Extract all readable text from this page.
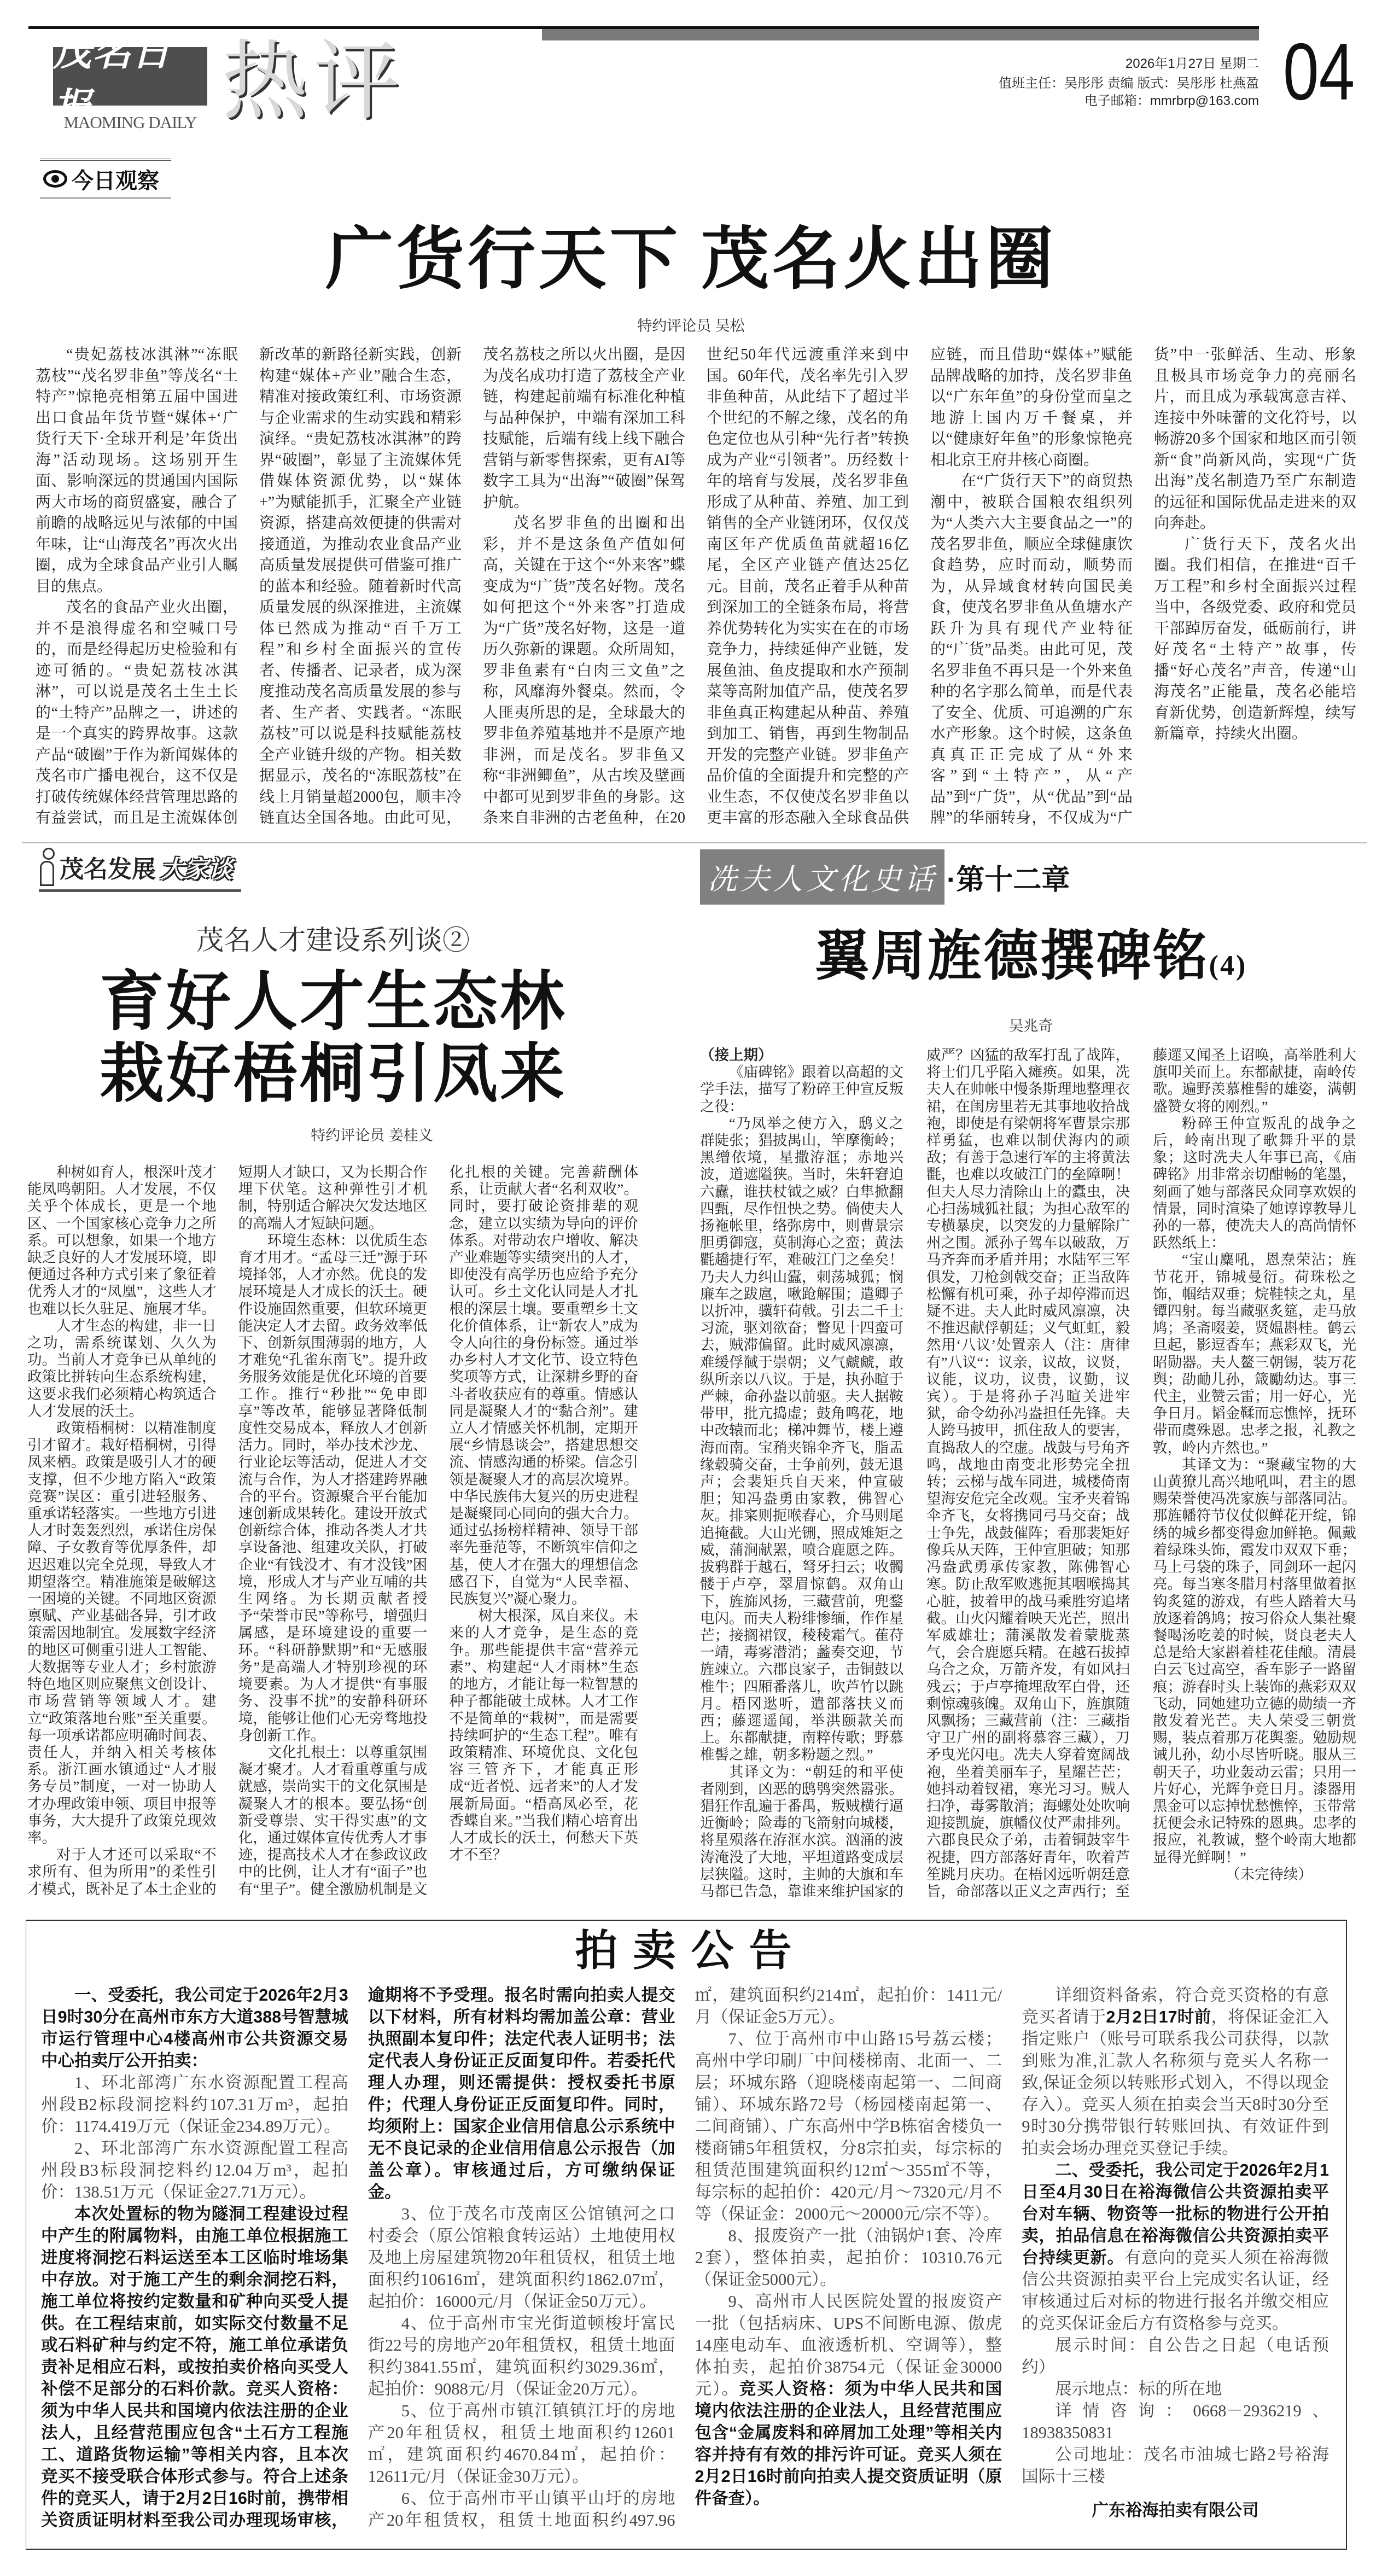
茂名日报
MAOMING DAILY 热评	2026年1月27日 星期二
值班主任：吴彤彤 责编 版式：吴彤彤 杜燕盈
电子邮箱：mmrbrp@163.com 04
今日观察
广货行天下 茂名火出圈
特约评论员 吴松

“贵妃荔枝冰淇淋”“冻眠荔枝”“茂名罗非鱼”等茂名“土特产”惊艳亮相第五届中国进出口食品年货节暨“媒体+‘广货行天下·全球开利是’年货出海”活动现场。这场别开生面、影响深远的贯通国内国际两大市场的商贸盛宴，融合了前瞻的战略远见与浓郁的中国年味，让“山海茂名”再次火出圈，成为全球食品产业引人瞩目的焦点。

茂名的食品产业火出圈，并不是浪得虚名和空喊口号的，而是经得起历史检验和有迹可循的。“贵妃荔枝冰淇淋”，可以说是茂名土生土长的“土特产”品牌之一，讲述的是一个真实的跨界故事。这款产品“破圈”于作为新闻媒体的茂名市广播电视台，这不仅是打破传统媒体经营管理思路的有益尝试，而且是主流媒体创新改革的新路径新实践，创新构建“媒体+产业”融合生态，精准对接政策红利、市场资源与企业需求的生动实践和精彩演绎。“贵妃荔枝冰淇淋”的跨界“破圈”，彰显了主流媒体凭借媒体资源优势，以“媒体+”为赋能抓手，汇聚全产业链资源，搭建高效便捷的供需对接通道，为推动农业食品产业高质量发展提供可借鉴可推广的蓝本和经验。随着新时代高质量发展的纵深推进，主流媒体已然成为推动“百千万工程”和乡村全面振兴的宣传者、传播者、记录者，成为深度推动茂名高质量发展的参与者、生产者、实践者。“冻眠荔枝”可以说是科技赋能荔枝全产业链升级的产物。相关数据显示，茂名的“冻眠荔枝”在线上月销量超2000包，顺丰冷链直达全国各地。由此可见，茂名荔枝之所以火出圈，是因为茂名成功打造了荔枝全产业链，构建起前端有标准化种植与品种保护，中端有深加工科技赋能，后端有线上线下融合营销与新零售探索，更有AI等数字工具为“出海”“破圈”保驾护航。

茂名罗非鱼的出圈和出彩，并不是这条鱼产值如何高，关键在于这个“外来客”蝶变成为“广货”茂名好物。茂名如何把这个“外来客”打造成为“广货”茂名好物，这是一道历久弥新的课题。众所周知，罗非鱼素有“白肉三文鱼”之称，风靡海外餐桌。然而，令人匪夷所思的是，全球最大的罗非鱼养殖基地并不是原产地非洲，而是茂名。罗非鱼又称“非洲鲫鱼”，从古埃及壁画中都可见到罗非鱼的身影。这条来自非洲的古老鱼种，在20世纪50年代远渡重洋来到中国。60年代，茂名率先引入罗非鱼种苗，从此结下了超过半个世纪的不解之缘，茂名的角色定位也从引种“先行者”转换成为产业“引领者”。历经数十年的培育与发展，茂名罗非鱼形成了从种苗、养殖、加工到销售的全产业链闭环，仅仅茂南区年产优质鱼苗就超16亿尾，全区产业链产值达25亿元。目前，茂名正着手从种苗到深加工的全链条布局，将营养优势转化为实实在在的市场竞争力，持续延伸产业链，发展鱼油、鱼皮提取和水产预制菜等高附加值产品，使茂名罗非鱼真正构建起从种苗、养殖到加工、销售，再到生物制品开发的完整产业链。罗非鱼产品价值的全面提升和完整的产业生态，不仅使茂名罗非鱼以更丰富的形态融入全球食品供应链，而且借助“媒体+”赋能品牌战略的加持，茂名罗非鱼以“广东年鱼”的身份堂而皇之地游上国内万千餐桌，并以“健康好年鱼”的形象惊艳亮相北京王府井核心商圈。

在“广货行天下”的商贸热潮中，被联合国粮农组织列为“人类六大主要食品之一”的茂名罗非鱼，顺应全球健康饮食趋势，应时而动，顺势而为，从异域食材转向国民美食，使茂名罗非鱼从鱼塘水产跃升为具有现代产业特征的“广货”品类。由此可见，茂名罗非鱼不再只是一个外来鱼种的名字那么简单，而是代表了安全、优质、可追溯的广东水产形象。这个时候，这条鱼真真正正完成了从“外来客”到“土特产”，从“产品”到“广货”，从“优品”到“品牌”的华丽转身，不仅成为“广货”中一张鲜活、生动、形象且极具市场竞争力的亮丽名片，而且成为承载寓意吉祥、连接中外味蕾的文化符号，以畅游20多个国家和地区而引领新“食”尚新风尚，实现“广货出海”茂名制造乃至广东制造的远征和国际优品走进来的双向奔赴。

广货行天下，茂名火出圈。我们相信，在推进“百千万工程”和乡村全面振兴过程当中，各级党委、政府和党员干部踔厉奋发，砥砺前行，讲好茂名“土特产”故事，传播“好心茂名”声音，传递“山海茂名”正能量，茂名必能培育新优势，创造新辉煌，续写新篇章，持续火出圈。

茂名发展 大家谈
茂名人才建设系列谈②
育好人才生态林
栽好梧桐引凤来
特约评论员 姜桂义

种树如育人，根深叶茂才能凤鸣朝阳。人才发展，不仅关乎个体成长，更是一个地区、一个国家核心竞争力之所系。可以想象，如果一个地方缺乏良好的人才发展环境，即便通过各种方式引来了象征着优秀人才的“凤凰”，这些人才也难以长久驻足、施展才华。

人才生态的构建，非一日之功，需系统谋划、久久为功。当前人才竞争已从单纯的政策比拼转向生态系统构建，这要求我们必须精心构筑适合人才发展的沃土。

政策梧桐树：以精准制度引才留才。栽好梧桐树，引得凤来栖。政策是吸引人才的硬支撑，但不少地方陷入“政策竞赛”误区：重引进轻服务、重承诺轻落实。一些地方引进人才时轰轰烈烈，承诺住房保障、子女教育等优厚条件，却迟迟难以完全兑现，导致人才期望落空。精准施策是破解这一困境的关键。不同地区资源禀赋、产业基础各异，引才政策需因地制宜。发展数字经济的地区可侧重引进人工智能、大数据等专业人才；乡村旅游特色地区则应聚焦文创设计、市场营销等领域人才。建立“政策落地台账”至关重要。每一项承诺都应明确时间表、责任人，并纳入相关考核体系。浙江画水镇通过“人才服务专员”制度，一对一协助人才办理政策申领、项目申报等事务，大大提升了政策兑现效率。

对于人才还可以采取“不求所有、但为所用”的柔性引才模式，既补足了本土企业的短期人才缺口，又为长期合作埋下伏笔。这种弹性引才机制，特别适合解决欠发达地区的高端人才短缺问题。

环境生态林：以优质生态育才用才。“孟母三迁”源于环境择邻，人才亦然。优良的发展环境是人才成长的沃土。硬件设施固然重要，但软环境更能决定人才去留。政务效率低下、创新氛围薄弱的地方，人才难免“孔雀东南飞”。提升政务服务效能是优化环境的首要工作。推行“秒批”“免申即享”等改革，能够显著降低制度性交易成本，释放人才创新活力。同时，举办技术沙龙、行业论坛等活动，促进人才交流与合作，为人才搭建跨界融合的平台。资源聚合平台能加速创新成果转化。建设开放式创新综合体，推动各类人才共享设备池、组建攻关队，打破企业“有钱没才、有才没钱”困境，形成人才与产业互哺的共生网络。为长期贡献者授予“荣誉市民”等称号，增强归属感，是环境建设的重要一环。“科研静默期”和“无感服务”是高端人才特别珍视的环境要素。为人才提供“有事服务、没事不扰”的安静科研环境，能够让他们心无旁骛地投身创新工作。

文化扎根土：以尊重氛围凝才聚才。人才看重尊重与成就感，崇尚实干的文化氛围是凝聚人才的根本。要弘扬“创新受尊崇、实干得实惠”的文化，通过媒体宣传优秀人才事迹，提高技术人才在参政议政中的比例，让人才有“面子”也有“里子”。健全激励机制是文化扎根的关键。完善薪酬体系，让贡献大者“名利双收”。同时，要打破论资排辈的观念，建立以实绩为导向的评价体系。对带动农户增收、解决产业难题等实绩突出的人才，即使没有高学历也应给予充分认可。乡土文化认同是人才扎根的深层土壤。要重塑乡土文化价值体系，让“新农人”成为令人向往的身份标签。通过举办乡村人才文化节、设立特色奖项等方式，让深耕乡野的奋斗者收获应有的尊重。情感认同是凝聚人才的“黏合剂”。建立人才情感关怀机制，定期开展“乡情恳谈会”，搭建思想交流、情感沟通的桥梁。信念引领是凝聚人才的高层次境界。中华民族伟大复兴的历史进程是凝聚同心同向的强大合力。通过弘扬榜样精神、领导干部率先垂范等，不断筑牢信仰之基，使人才在强大的理想信念感召下，自觉为“人民幸福、民族复兴”凝心聚力。

树大根深，凤自来仪。未来的人才竞争，是生态的竞争。那些能提供丰富“营养元素”、构建起“人才雨林”生态的地方，才能让每一粒智慧的种子都能破土成林。人才工作不是简单的“栽树”，而是需要持续呵护的“生态工程”。唯有政策精准、环境优良、文化包容三管齐下，才能真正形成“近者悦、远者来”的人才发展新局面。“梧高凤必至，花香蝶自来。”当我们精心培育出人才成长的沃土，何愁天下英才不至？

冼夫人文化史话 ·第十二章
翼周旌德撰碑铭(4)
吴兆奇

（接上期）

《庙碑铭》跟着以高超的文学手法，描写了粉碎王仲宣反叛之役：

“乃凤举之使方入，鸱义之群陡张；猖披禺山，竿摩衡岭；黑缯依境，星撒洊洭；赤地兴波，道遮隘狭。当时，朱轩窘迫六纛，谁扶杖钺之威？白隼掀翻四甄，尽作忸怏之势。倘使夫人扬袘帐里，络弥房中，则曹景宗胆勇御寇，莫制海心之蛮；黄法氍趫捷行军，难破江门之垒矣！乃夫人力纠山蠹，刺荡城狐；悯廉车之跋扈，啾跄解围；遣卿子以折冲，骥轩荷戟。引去二千士习流，驱刘欲奋；瞥见十四蛮可去，贼滞偏留。此时威风凛凛，难缓俘馘于崇朝；义气虤虤，敢纵所亲以八议。于是，执孙暄于严棘，命孙盎以前驱。夫人据鞍带甲，批亢捣虚；鼓角鸣花，地中改辕而北；梯冲舞节，楼上遵海而南。宝矟夹锦伞齐飞，脂盂缘毂骑交奋，士争前列，鼓无退声；会裴矩兵自天来，仲宣破胆；知冯盎勇由家教，佛智心灰。排寀则扼喉舂心，介马则尾追掩截。大山光铏，照成雉矩之威，蒲涧献罴，喷合鹿愿之阵。拔鸦群于越石，弩牙扫云；收髑髅于卢亭，翠眉惊鹤。双角山下，旌旆风扬，三藏营前，兜鍪电闪。而夫人粉绯惨缅，作作星芒；接搁裙钗，稜稜霜气。萑苻一靖，毒雾潜消；蠡奏交迎，节旌竦立。六郡良家子，击铜鼓以椎牛；四厢番落儿，吹芦竹以跳月。梧冈逖听，遣部落扶义而西；藤遝遥闻，举洪颐款关而上。东都献捷，南粹传歌；野慕椎髻之雄，朝多粉题之烈。”

其译文为：“朝廷的和平使者刚到，凶恶的鸱鸮突然嚣张。猖狂作乱遍于番禺，叛贼横行逼近衡岭；险毒的飞箭射向城楼，将星殒落在洊洭水滨。汹涌的波涛淹没了大地，平坦道路变成层层狭隘。这时，主帅的大旗和车马都已告急，靠谁来维护国家的威严？凶猛的敌军打乱了战阵，将士们几乎陷入瘫痪。如果，冼夫人在帅帐中慢条斯理地整理衣裙，在闺房里若无其事地收拾战袍，即使是有梁朝将军曹景宗那样勇猛，也难以制伏海内的顽敌；有善于急速行军的主将黄法氍，也难以攻破江门的垒障啊！但夫人尽力清除山上的蠹虫，决心扫荡城狐社鼠；为担心敌军的专横暴戾，以突发的力量解除广州之围。派孙子驾车以破敌，万马齐奔而矛盾并用；水陆军三军俱发，刀枪剑戟交奋；正当敌阵松懈有机可乘，孙子却停滞而迟疑不进。夫人此时威风凛凛，决不推迟献俘朝廷；义气虹虹，毅然用‘八议’处置亲人（注：唐律有”八议“：议亲，议故，议贤，议能，议功，议贵，议勤，议宾）。于是将孙子冯暄关进牢狱，命令幼孙冯盎担任先锋。夫人跨马披甲，抓住敌人的要害，直捣敌人的空虚。战鼓与号角齐鸣，战地由南变北形势完全扭转；云梯与战车同进，城楼倚南望海安危完全改观。宝矛夹着锦伞齐飞，女将携同弓马交奋；战士争先，战鼓催阵；看那裴矩好像兵从天阵，王仲宣胆破；知那冯盎武勇承传家教，陈佛智心寒。防止敌军败逃扼其咽喉捣其心脏，披着甲的战马乘胜穷追堵截。山火闪耀着映天光芒，照出军威雄壮；蒲溪散发着蒙胧蒸气，会合鹿愿兵精。在越石拔掉乌合之众，万箭齐发，有如风扫残云；于卢亭掩埋敌军白骨，还剩惊魂骇魄。双角山下，旌旗随风飘扬；三藏营前（注：三藏指守卫广州的副将慕容三藏），刀矛曳光闪电。冼夫人穿着宽阔战袍，坐着美丽车子，星耀芒芒；她抖动着钗裙，寒光习习。贼人扫净，毒雾散消；海螺处处吹响迎接凯旋，旗幡仪仗严肃排列。六郡良民众子弟，击着铜鼓宰牛祝捷，四方部落好青年，吹着芦笙跳月庆功。在梧冈远听朝廷意旨，命部落以正义之声西行；至藤遝又闻圣上诏唤，高举胜利大旗叩关而上。东都献捷，南岭传歌。遍野羡慕椎髻的雄姿，满朝盛赞女将的刚烈。”

粉碎王仲宣叛乱的战争之后，岭南出现了歌舞升平的景象；这时冼夫人年事已高，《庙碑铭》用非常亲切酣畅的笔墨，刻画了她与部落民众同享欢娱的情景，同时渲染了她谆谆教导儿孙的一幕，使冼夫人的高尚情怀跃然纸上：

“宝山麋吼，恩焘荣沾；旌节花开，锦城曼衍。荷珠松之饰，帼结双垂；烷鞋犊之丸，星镡四射。每当藏驱炙筵，走马放鸠；圣斋啜姜，贤媪斟桂。鹤云旦起，影逗香车；燕彩双飞，光昭勋器。夫人鳌三朝锡，装万花舆；劭勔儿孙，箴勵幼达。事三代主，业赞云雷；用一好心，光争日月。韬金鞣而忘憔悴，抚环带而虞殊恩。忠孝之报，礼教之敦，岭内卉然也。”

其译文为：“聚藏宝物的大山黄獠儿高兴地吼叫，君主的恩赐荣誉使冯冼家族与部落同沾。那旌幡符节仪仗似鲜花开绽，锦绣的城乡都变得愈加鲜艳。佩戴着绿珠头饰，霞发巾双双下垂；马上弓袋的珠子，同剑环一起闪亮。每当寒冬腊月村落里做着抠钩炙筵的游戏，有些人踏着大马放逐着鸽鸠；按习俗众人集社聚餐喝汤吃姜的时候，贤良老夫人总是给大家斟着桂花佳酿。清晨白云飞过高空，香车影子一路留痕；游春时头上装饰的燕彩双双飞动，同她建功立德的勋绩一齐散发着光芒。夫人荣受三朝赏赐，装点着那万花舆銮。勉励规诫儿孙，幼小尽皆听晓。服从三朝天子，功业轰动云雷；只用一片好心，光辉争竞日月。漆器用黑金可以忘掉忧愁憔悴，玉带常抚便会永记特殊的恩典。忠孝的报应，礼教诚，整个岭南大地都显得光鲜啊！”

（未完待续）

拍卖公告

一、受委托，我公司定于2026年2月3日9时30分在高州市东方大道388号智慧城市运行管理中心4楼高州市公共资源交易中心拍卖厅公开拍卖：

1、环北部湾广东水资源配置工程高州段B2标段洞挖料约107.31万m³，起拍价：1174.419万元（保证金234.89万元）。

2、环北部湾广东水资源配置工程高州段B3标段洞挖料约12.04万m³，起拍价：138.51万元（保证金27.71万元）。

本次处置标的物为隧洞工程建设过程中产生的附属物料，由施工单位根据施工进度将洞挖石料运送至本工区临时堆场集中存放。对于施工产生的剩余洞挖石料，施工单位将按约定数量和矿种向买受人提供。在工程结束前，如实际交付数量不足或石料矿种与约定不符，施工单位承诺负责补足相应石料，或按拍卖价格向买受人补偿不足部分的石料价款。竞买人资格：须为中华人民共和国境内依法注册的企业法人，且经营范围应包含“土石方工程施工、道路货物运输”等相关内容，且本次竞买不接受联合体形式参与。符合上述条件的竞买人，请于2月2日16时前，携带相关资质证明材料至我公司办理现场审核，逾期将不予受理。报名时需向拍卖人提交以下材料，所有材料均需加盖公章：营业执照副本复印件；法定代表人证明书；法定代表人身份证正反面复印件。若委托代理人办理，则还需提供：授权委托书原件；代理人身份证正反面复印件。同时，均须附上：国家企业信用信息公示系统中无不良记录的企业信用信息公示报告（加盖公章）。审核通过后，方可缴纳保证金。

3、位于茂名市茂南区公馆镇河之口村委会（原公馆粮食转运站）土地使用权及地上房屋建筑物20年租赁权，租赁土地面积约10616㎡，建筑面积约1862.07㎡，起拍价：16000元/月（保证金50万元）。

4、位于高州市宝光街道顿梭圩富民街22号的房地产20年租赁权，租赁土地面积约3841.55㎡，建筑面积约3029.36㎡，起拍价：9088元/月（保证金20万元）。

5、位于高州市镇江镇镇江圩的房地产20年租赁权，租赁土地面积约12601㎡，建筑面积约4670.84㎡，起拍价：12611元/月（保证金30万元）。

6、位于高州市平山镇平山圩的房地产20年租赁权，租赁土地面积约497.96㎡，建筑面积约214㎡，起拍价：1411元/月（保证金5万元）。

7、位于高州市中山路15号荔云楼；高州中学印刷厂中间楼梯南、北面一、二层；环城东路（迎晓楼南起第一、二间商铺）、环城东路72号（杨园楼南起第一、二间商铺）、广东高州中学B栋宿舍楼负一楼商铺5年租赁权，分8宗拍卖，每宗标的租赁范围建筑面积约12㎡～355㎡不等，每宗标的起拍价：420元/月～7320元/月不等（保证金：2000元～20000元/宗不等）。

8、报废资产一批（油锅炉1套、冷库2套），整体拍卖，起拍价：10310.76元（保证金5000元）。

9、高州市人民医院处置的报废资产一批（包括病床、UPS不间断电源、傲虎14座电动车、血液透析机、空调等），整体拍卖，起拍价38754元（保证金30000元）。竞买人资格：须为中华人民共和国境内依法注册的企业法人，且经营范围应包含“金属废料和碎屑加工处理”等相关内容并持有有效的排污许可证。竞买人须在2月2日16时前向拍卖人提交资质证明（原件备查）。

详细资料备索，符合竞买资格的有意竞买者请于2月2日17时前，将保证金汇入指定账户（账号可联系我公司获得，以款到账为准,汇款人名称须与竞买人名称一致,保证金须以转账形式划入，不得以现金存入）。竞买人须在拍卖会当天8时30分至9时30分携带银行转账回执、有效证件到拍卖会场办理竞买登记手续。

二、受委托，我公司定于2026年2月1日至4月30日在裕海微信公共资源拍卖平台对车辆、物资等一批标的物进行公开拍卖，拍品信息在裕海微信公共资源拍卖平台持续更新。有意向的竞买人须在裕海微信公共资源拍卖平台上完成实名认证，经审核通过后对标的物进行报名并缴交相应的竞买保证金后方有资格参与竞买。

展示时间：自公告之日起（电话预约）

展示地点：标的所在地

详情咨询：0668－2936219、18938350831

公司地址：茂名市油城七路2号裕海国际十三楼

广东裕海拍卖有限公司
